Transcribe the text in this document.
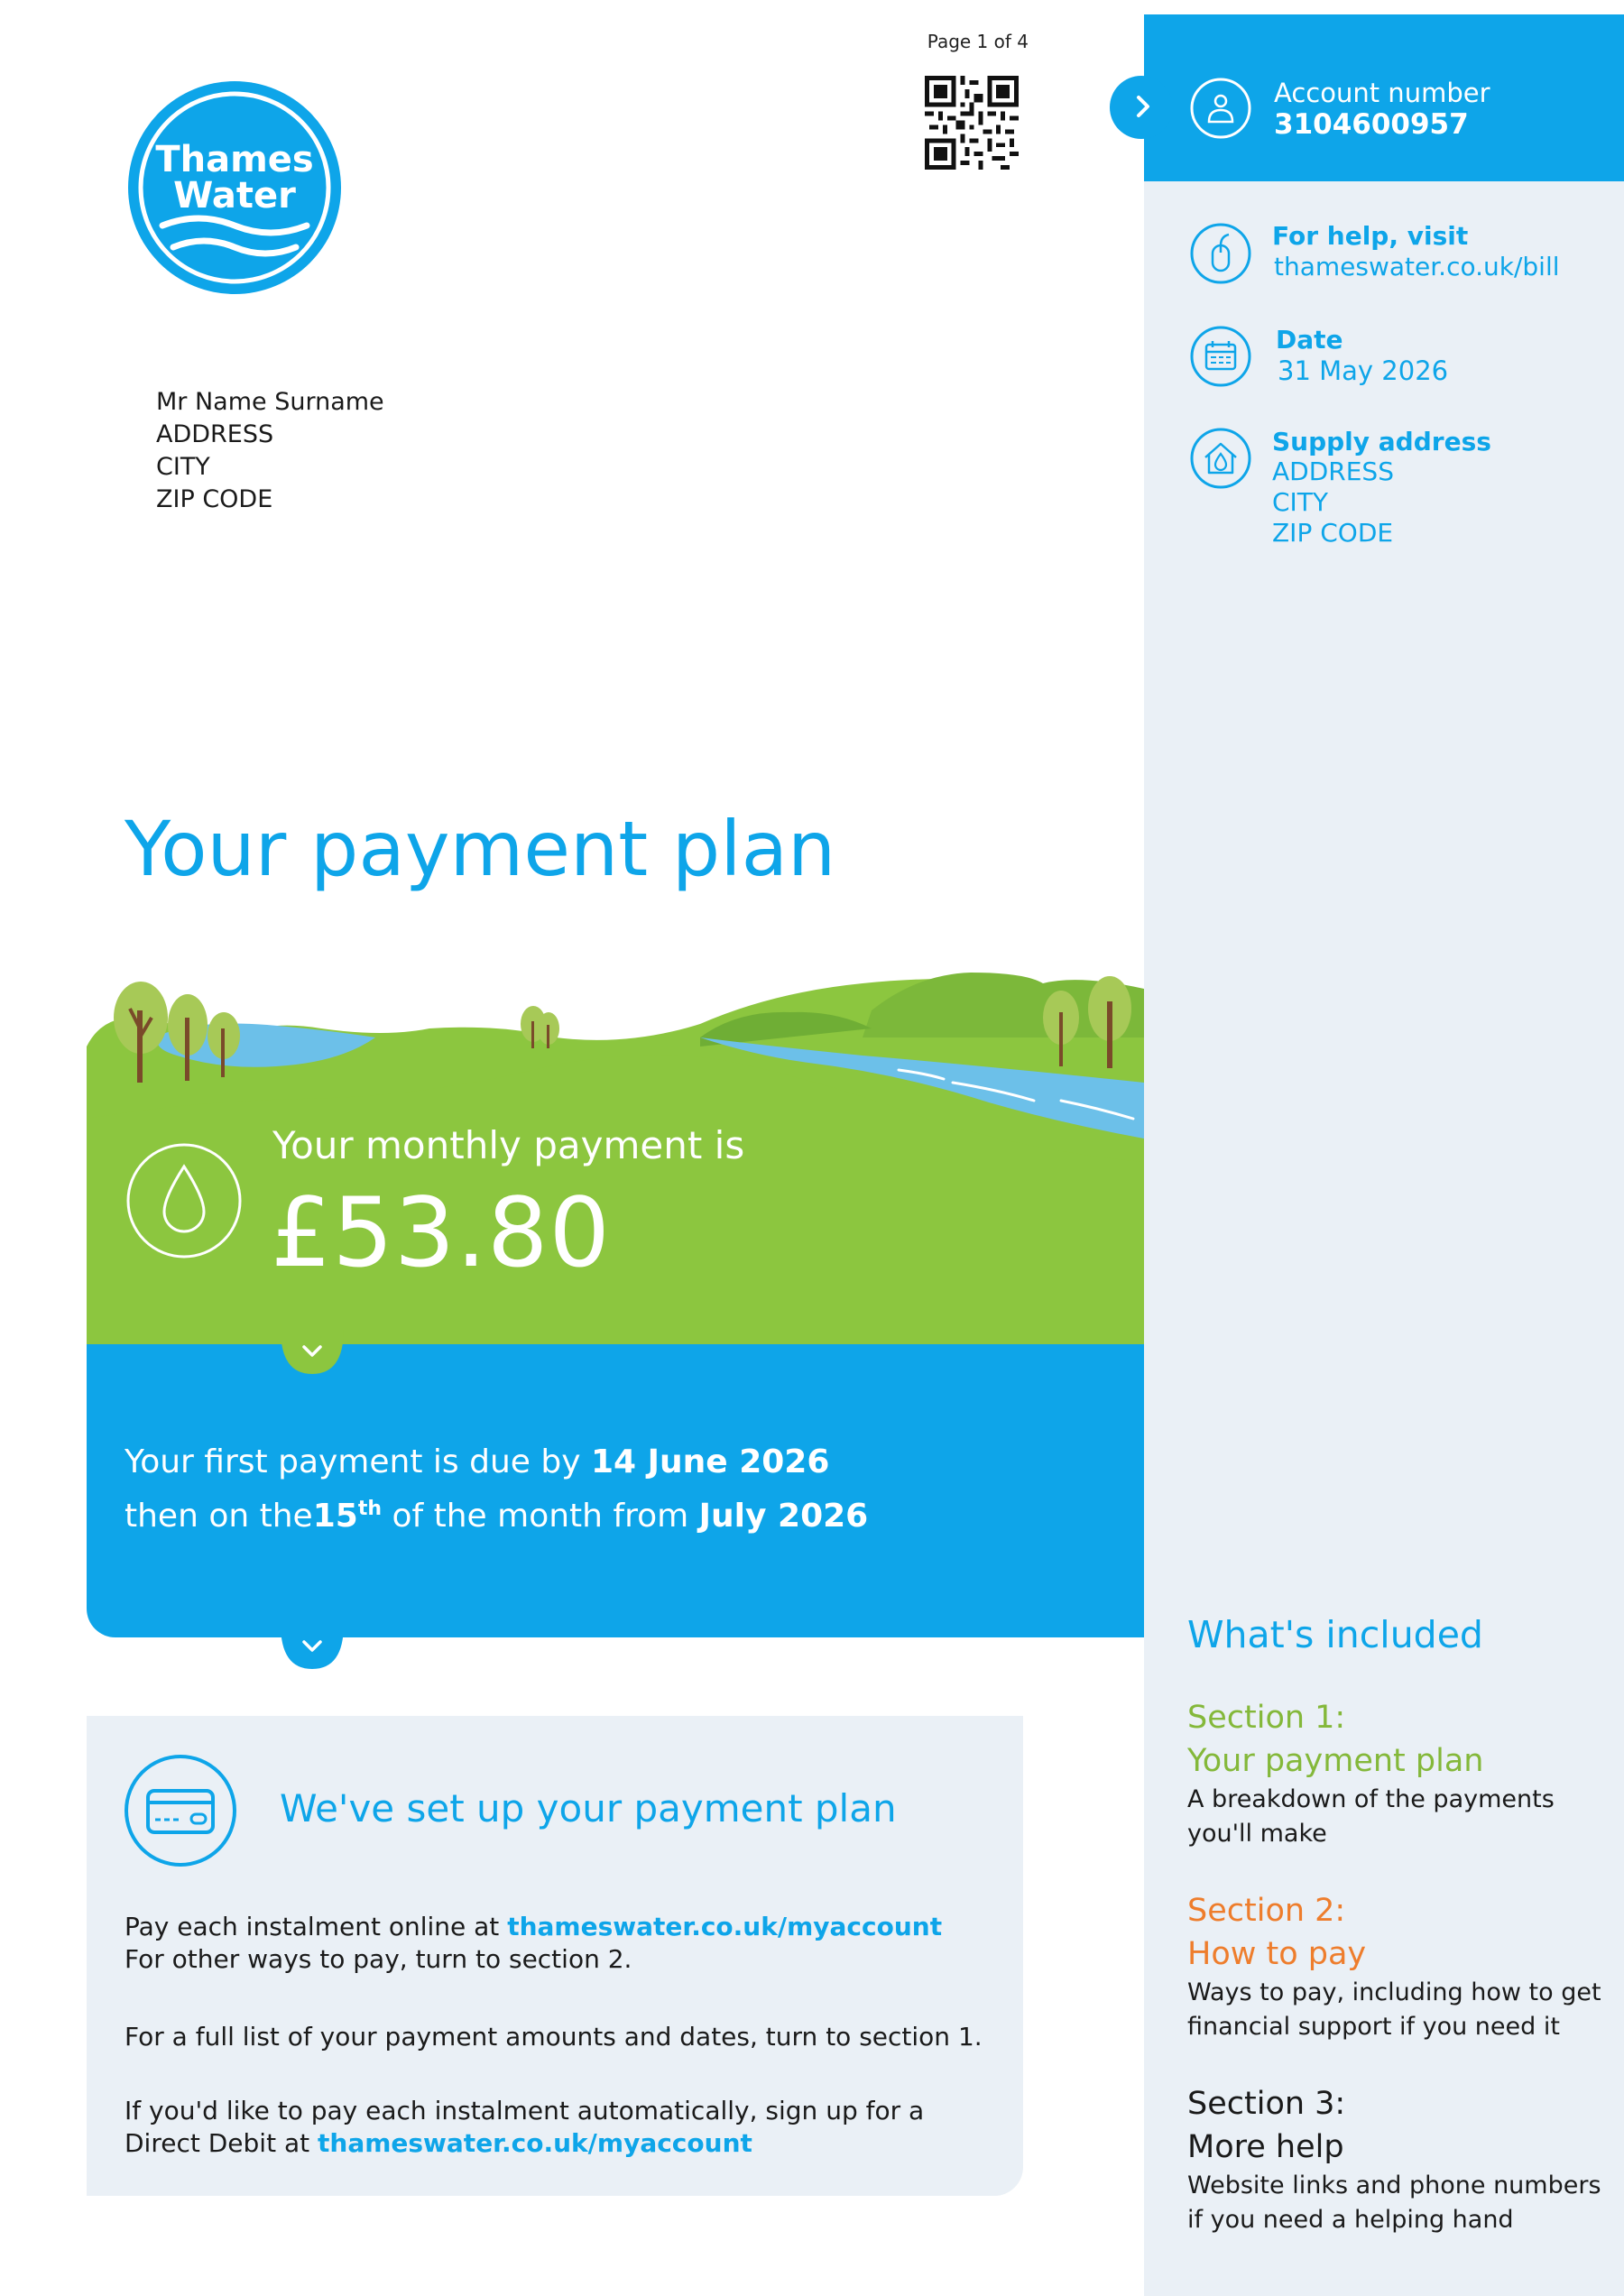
Thames
Water
Page 1 of 4
Mr Name Surname
ADDRESS
CITY
ZIP CODE
Account number
3104600957
For help, visit
thameswater.co.uk/bill
Date
31 May 2026
Supply address
ADDRESS
CITY
ZIP CODE
What's included
Section 1:
Your payment plan
A breakdown of the payments
you'll make
Section 2:
How to pay
Ways to pay, including how to get
financial support if you need it
Section 3:
More help
Website links and phone numbers
if you need a helping hand
Your payment plan
Your monthly payment is
£53.80
Your first payment is due by 14 June 2026
then on the15th of the month from July 2026
We've set up your payment plan
Pay each instalment online at thameswater.co.uk/myaccount
For other ways to pay, turn to section 2.
For a full list of your payment amounts and dates, turn to section 1.
If you'd like to pay each instalment automatically, sign up for a
Direct Debit at thameswater.co.uk/myaccount
